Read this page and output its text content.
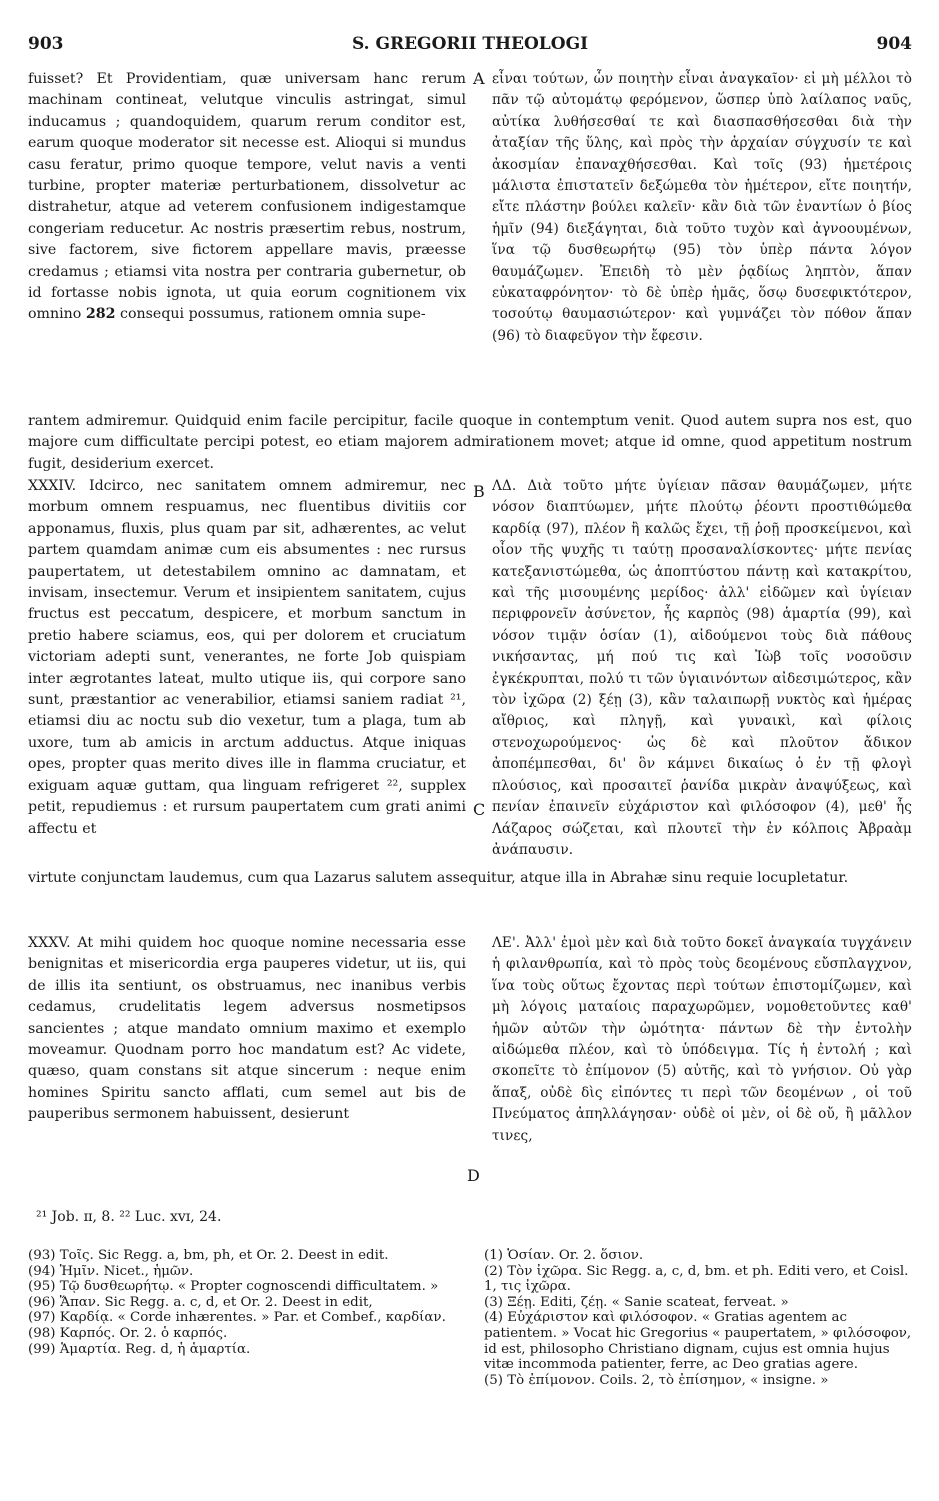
903	S. GREGORII THEOLOGI	904
fuisset? Et Providentiam, quæ universam hanc rerum machinam contineat, velutque vinculis astringat, simul inducamus ; quandoquidem, quarum rerum conditor est, earum quoque moderator sit necesse est. Alioqui si mundus casu feratur, primo quoque tempore, velut navis a venti turbine, propter materiæ perturbationem, dissolvetur ac distrahetur, atque ad veterem confusionem indigestamque congeriam reducetur. Ac nostris præsertim rebus, nostrum, sive factorem, sive fictorem appellare mavis, præesse credamus ; etiamsi vita nostra per contraria gubernetur, ob id fortasse nobis ignota, ut quia eorum cognitionem vix omnino 282 consequi possumus, rationem omnia supe-
A εἶναι τούτων, ὧν ποιητὴν εἶναι ἀναγκαῖον· εἰ μὴ μέλλοι τὸ πᾶν τῷ αὐτομάτῳ φερόμενον, ὥσπερ ὑπὸ λαίλαπος ναῦς, αὐτίκα λυθήσεσθαί τε καὶ διασπασθήσεσθαι διὰ τὴν ἀταξίαν τῆς ὕλης, καὶ πρὸς τὴν ἀρχαίαν σύγχυσίν τε καὶ ἀκοσμίαν ἐπαναχθήσεσθαι. Καὶ τοῖς (93) ἡμετέροις μάλιστα ἐπιστατεῖν δεξώμεθα τὸν ἡμέτερον, εἴτε ποιητήν, εἴτε πλάστην βούλει καλεῖν· κἂν διὰ τῶν ἐναντίων ὁ βίος ἡμῖν (94) διεξάγηται, διὰ τοῦτο τυχὸν καὶ ἀγνοουμένων, ἵνα τῷ δυσθεωρήτῳ (95) τὸν ὑπὲρ πάντα λόγον θαυμάζωμεν. Ἐπειδὴ τὸ μὲν ῥᾳδίως ληπτὸν, ἅπαν εὐκαταφρόνητον· τὸ δὲ ὑπὲρ ἡμᾶς, ὅσῳ δυσεφικτότερον, τοσούτῳ θαυμασιώτερον· καὶ γυμνάζει τὸν πόθον ἅπαν (96) τὸ διαφεῦγον τὴν ἔφεσιν.
rantem admiremur. Quidquid enim facile percipitur, facile quoque in contemptum venit. Quod autem supra nos est, quo majore cum difficultate percipi potest, eo etiam majorem admirationem movet; atque id omne, quod appetitum nostrum fugit, desiderium exercet.
XXXIV. Idcirco, nec sanitatem omnem admiremur, nec morbum omnem respuamus, nec fluentibus divitiis cor apponamus, fluxis, plus quam par sit, adhærentes, ac velut partem quamdam animæ cum eis absumentes : nec rursus paupertatem, ut detestabilem omnino ac damnatam, et invisam, insectemur. Verum et insipientem sanitatem, cujus fructus est peccatum, despicere, et morbum sanctum in pretio habere sciamus, eos, qui per dolorem et cruciatum victoriam adepti sunt, venerantes, ne forte Job quispiam inter ægrotantes lateat, multo utique iis, qui corpore sano sunt, præstantior ac venerabilior, etiamsi saniem radiat ²¹, etiamsi diu ac noctu sub dio vexetur, tum a plaga, tum ab uxore, tum ab amicis in arctum adductus. Atque iniquas opes, propter quas merito dives ille in flamma cruciatur, et exiguam aquæ guttam, qua linguam refrigeret ²², supplex petit, repudiemus : et rursum paupertatem cum grati animi affectu et
B
C
ΛΔ. Διὰ τοῦτο μήτε ὑγίειαν πᾶσαν θαυμάζωμεν, μήτε νόσον διαπτύωμεν, μήτε πλούτῳ ῥέοντι προστιθώμεθα καρδίᾳ (97), πλέον ἢ καλῶς ἔχει, τῇ ῥοῇ προσκείμενοι, καὶ οἷον τῆς ψυχῆς τι ταύτῃ προσαναλίσκοντες· μήτε πενίας κατεξανιστώμεθα, ὡς ἀποπτύστου πάντῃ καὶ κατακρίτου, καὶ τῆς μισουμένης μερίδος· ἀλλ' εἰδῶμεν καὶ ὑγίειαν περιφρονεῖν ἀσύνετον, ἧς καρπὸς (98) ἁμαρτία (99), καὶ νόσον τιμᾷν ὁσίαν (1), αἰδούμενοι τοὺς διὰ πάθους νικήσαντας, μή πού τις καὶ Ἰὼβ τοῖς νοσοῦσιν ἐγκέκρυπται, πολύ τι τῶν ὑγιαινόντων αἰδεσιμώτερος, κἂν τὸν ἰχῶρα (2) ξέῃ (3), κἂν ταλαιπωρῇ νυκτὸς καὶ ἡμέρας αἴθριος, καὶ πληγῇ, καὶ γυναικὶ, καὶ φίλοις στενοχωρούμενος· ὡς δὲ καὶ πλοῦτον ἄδικον ἀποπέμπεσθαι, δι' ὃν κάμνει δικαίως ὁ ἐν τῇ φλογὶ πλούσιος, καὶ προσαιτεῖ ῥανίδα μικρὰν ἀναψύξεως, καὶ πενίαν ἐπαινεῖν εὐχάριστον καὶ φιλόσοφον (4), μεθ' ἧς Λάζαρος σώζεται, καὶ πλουτεῖ τὴν ἐν κόλποις Ἀβραὰμ ἀνάπαυσιν.
virtute conjunctam laudemus, cum qua Lazarus salutem assequitur, atque illa in Abrahæ sinu requie locupletatur.
XXXV. At mihi quidem hoc quoque nomine necessaria esse benignitas et misericordia erga pauperes videtur, ut iis, qui de illis ita sentiunt, os obstruamus, nec inanibus verbis cedamus, crudelitatis legem adversus nosmetipsos sancientes ; atque mandato omnium maximo et exemplo moveamur. Quodnam porro hoc mandatum est? Ac videte, quæso, quam constans sit atque sincerum : neque enim homines Spiritu sancto afflati, cum semel aut bis de pauperibus sermonem habuissent, desierunt
D
ΛΕ'. Ἀλλ' ἐμοὶ μὲν καὶ διὰ τοῦτο δοκεῖ ἀναγκαία τυγχάνειν ἡ φιλανθρωπία, καὶ τὸ πρὸς τοὺς δεομένους εὔσπλαγχνον, ἵνα τοὺς οὕτως ἔχοντας περὶ τούτων ἐπιστομίζωμεν, καὶ μὴ λόγοις ματαίοις παραχωρῶμεν, νομοθετοῦντες καθ' ἡμῶν αὐτῶν τὴν ὠμότητα· πάντων δὲ τὴν ἐντολὴν αἰδώμεθα πλέον, καὶ τὸ ὑπόδειγμα. Τίς ἡ ἐντολή ; καὶ σκοπεῖτε τὸ ἐπίμονον (5) αὐτῆς, καὶ τὸ γνήσιον. Οὐ γὰρ ἅπαξ, οὐδὲ δὶς εἰπόντες τι περὶ τῶν δεομένων , οἱ τοῦ Πνεύματος ἀπηλλάγησαν· οὐδὲ οἱ μὲν, οἱ δὲ οὔ, ἢ μᾶλλον τινες,
²¹ Job. ɪɪ, 8. ²² Luc. xᴠɪ, 24.
(93) Τοῖς. Sic Regg. a, bm, ph, et Or. 2. Deest in edit.
(94) Ἡμῖν. Nicet., ἡμῶν.
(95) Τῷ δυσθεωρήτῳ. « Propter cognoscendi difficultatem. »
(96) Ἅπαν. Sic Regg. a. c, d, et Or. 2. Deest in edit,
(97) Καρδίᾳ. « Corde inhærentes. » Par. et Combef., καρδίαν.
(98) Καρπός. Or. 2. ὁ καρπός.
(99) Ἁμαρτία. Reg. d, ἡ ἁμαρτία.
(1) Ὁσίαν. Or. 2. ὅσιον.
(2) Τὸν ἰχῶρα. Sic Regg. a, c, d, bm. et ph. Editi vero, et Coisl. 1, τις ἰχῶρα.
(3) Ξέῃ. Editi, ζέῃ. « Sanie scateat, ferveat. »
(4) Εὐχάριστον καὶ φιλόσοφον. « Gratias agentem ac patientem. » Vocat hic Gregorius « paupertatem, » φιλόσοφον, id est, philosopho Christiano dignam, cujus est omnia hujus vitæ incommoda patienter, ferre, ac Deo gratias agere.
(5) Τὸ ἐπίμονον. Coils. 2, τὸ ἐπίσημον, « insigne. »
